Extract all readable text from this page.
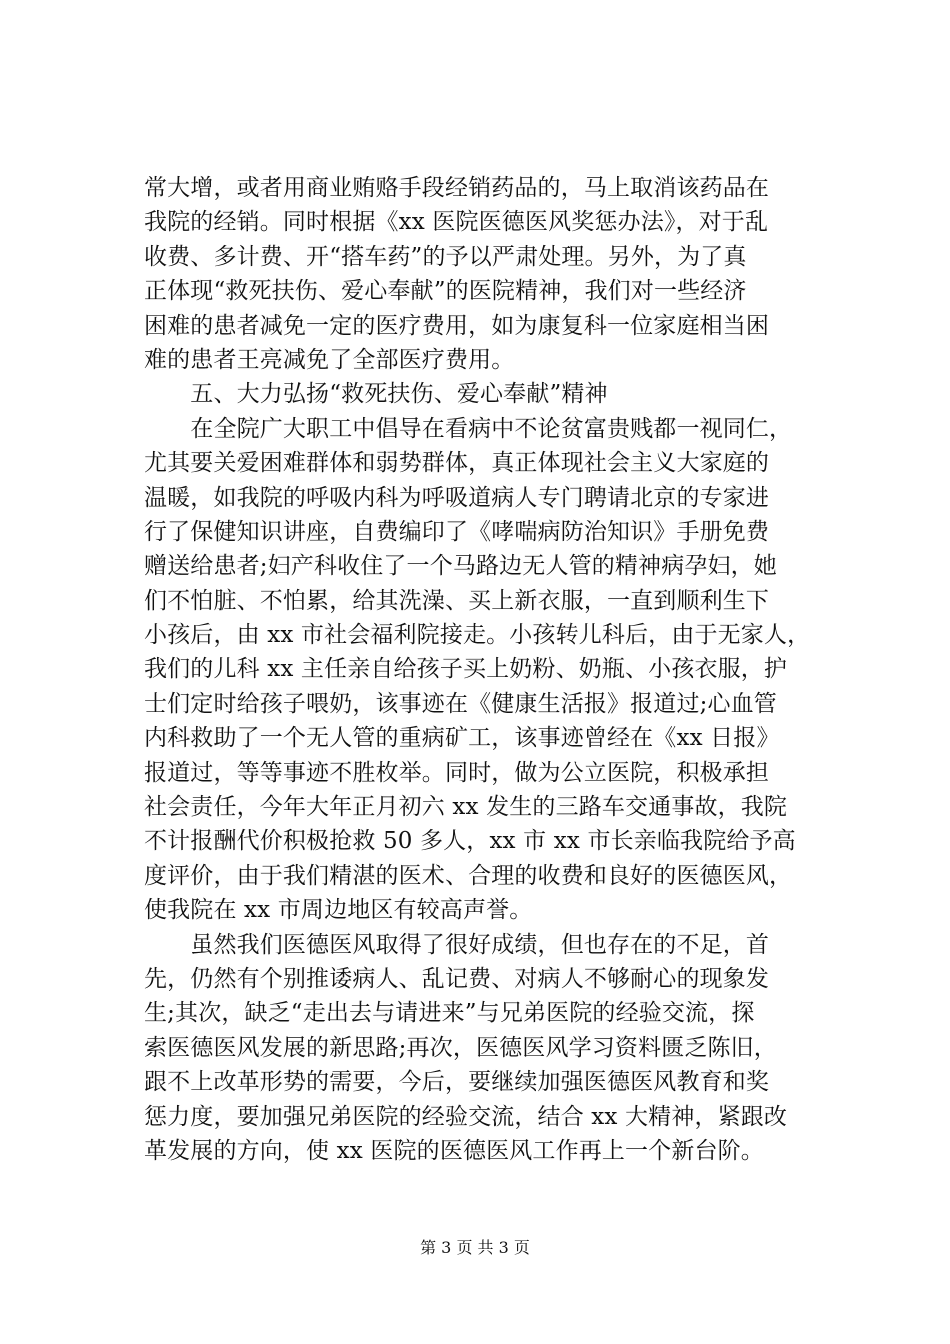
常大增，或者用商业贿赂手段经销药品的，马上取消该药品在
我院的经销。同时根据《xx 医院医德医风奖惩办法》，对于乱
收费、多计费、开“搭车药”的予以严肃处理。另外，为了真
正体现“救死扶伤、爱心奉献”的医院精神，我们对一些经济
困难的患者减免一定的医疗费用，如为康复科一位家庭相当困
难的患者王亮减免了全部医疗费用。
　　五、大力弘扬“救死扶伤、爱心奉献”精神
　　在全院广大职工中倡导在看病中不论贫富贵贱都一视同仁，
尤其要关爱困难群体和弱势群体，真正体现社会主义大家庭的
温暖，如我院的呼吸内科为呼吸道病人专门聘请北京的专家进
行了保健知识讲座，自费编印了《哮喘病防治知识》手册免费
赠送给患者;妇产科收住了一个马路边无人管的精神病孕妇，她
们不怕脏、不怕累，给其洗澡、买上新衣服，一直到顺利生下
小孩后，由 xx 市社会福利院接走。小孩转儿科后，由于无家人，
我们的儿科 xx 主任亲自给孩子买上奶粉、奶瓶、小孩衣服，护
士们定时给孩子喂奶，该事迹在《健康生活报》报道过;心血管
内科救助了一个无人管的重病矿工，该事迹曾经在《xx 日报》
报道过，等等事迹不胜枚举。同时，做为公立医院，积极承担
社会责任，今年大年正月初六 xx 发生的三路车交通事故，我院
不计报酬代价积极抢救 50 多人，xx 市 xx 市长亲临我院给予高
度评价，由于我们精湛的医术、合理的收费和良好的医德医风，
使我院在 xx 市周边地区有较高声誉。
　　虽然我们医德医风取得了很好成绩，但也存在的不足，首
先，仍然有个别推诿病人、乱记费、对病人不够耐心的现象发
生;其次，缺乏“走出去与请进来”与兄弟医院的经验交流，探
索医德医风发展的新思路;再次，医德医风学习资料匮乏陈旧，
跟不上改革形势的需要，今后，要继续加强医德医风教育和奖
惩力度，要加强兄弟医院的经验交流，结合 xx 大精神，紧跟改
革发展的方向，使 xx 医院的医德医风工作再上一个新台阶。
第 3 页 共 3 页
